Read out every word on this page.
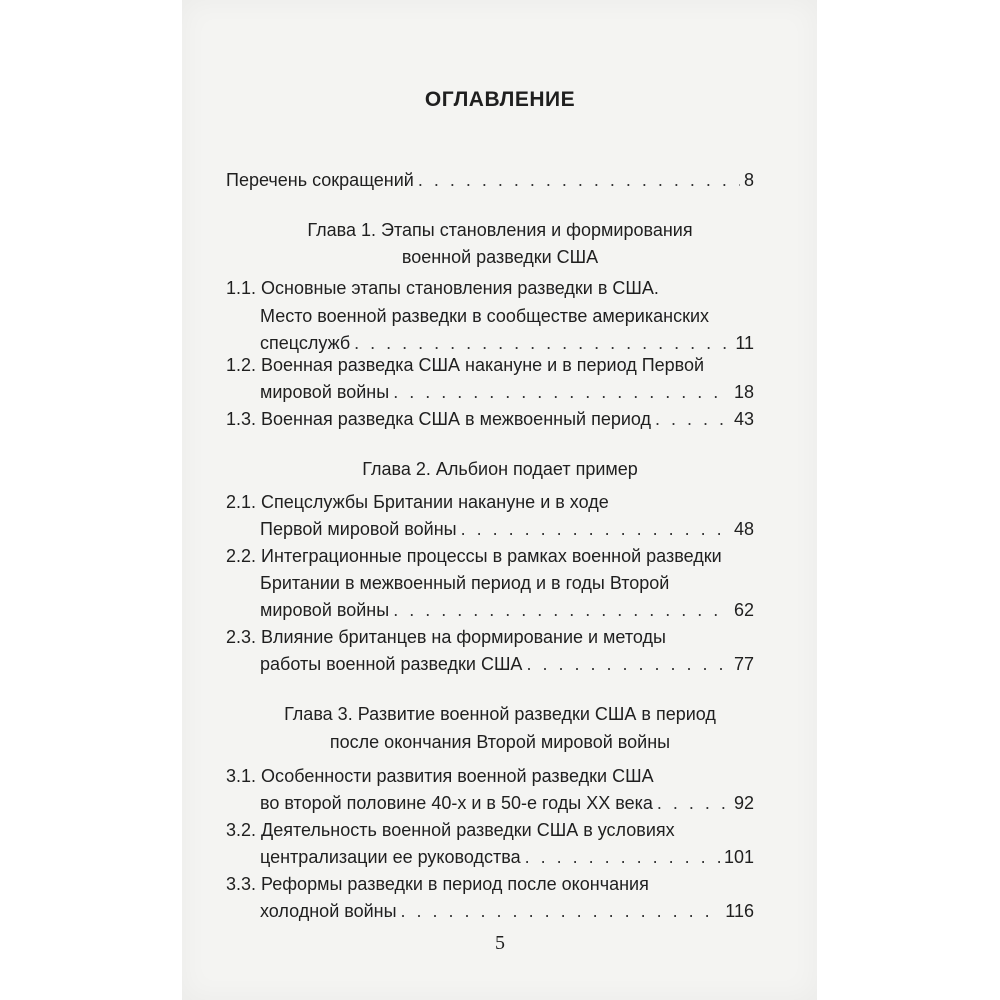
ОГЛАВЛЕНИЕ
Перечень сокращений . . .	8
Глава 1. Этапы становления и формирования
военной разведки США
1.1. Основные этапы становления разведки в США.
Место военной разведки в сообществе американских
спецслужб . . .	11
1.2. Военная разведка США накануне и в период Первой
мировой войны . . .	18
1.3. Военная разведка США в межвоенный период . . .	43
Глава 2. Альбион подает пример
2.1. Спецслужбы Британии накануне и в ходе
Первой мировой войны . . .	48
2.2. Интеграционные процессы в рамках военной разведки
Британии в межвоенный период и в годы Второй
мировой войны . . .	62
2.3. Влияние британцев на формирование и методы
работы военной разведки США . . .	77
Глава 3. Развитие военной разведки США в период
после окончания Второй мировой войны
3.1. Особенности развития военной разведки США
во второй половине 40-х и в 50-е годы XX века . . .	92
3.2. Деятельность военной разведки США в условиях
централизации ее руководства . . .	101
3.3. Реформы разведки в период после окончания
холодной войны . . .	116
5
